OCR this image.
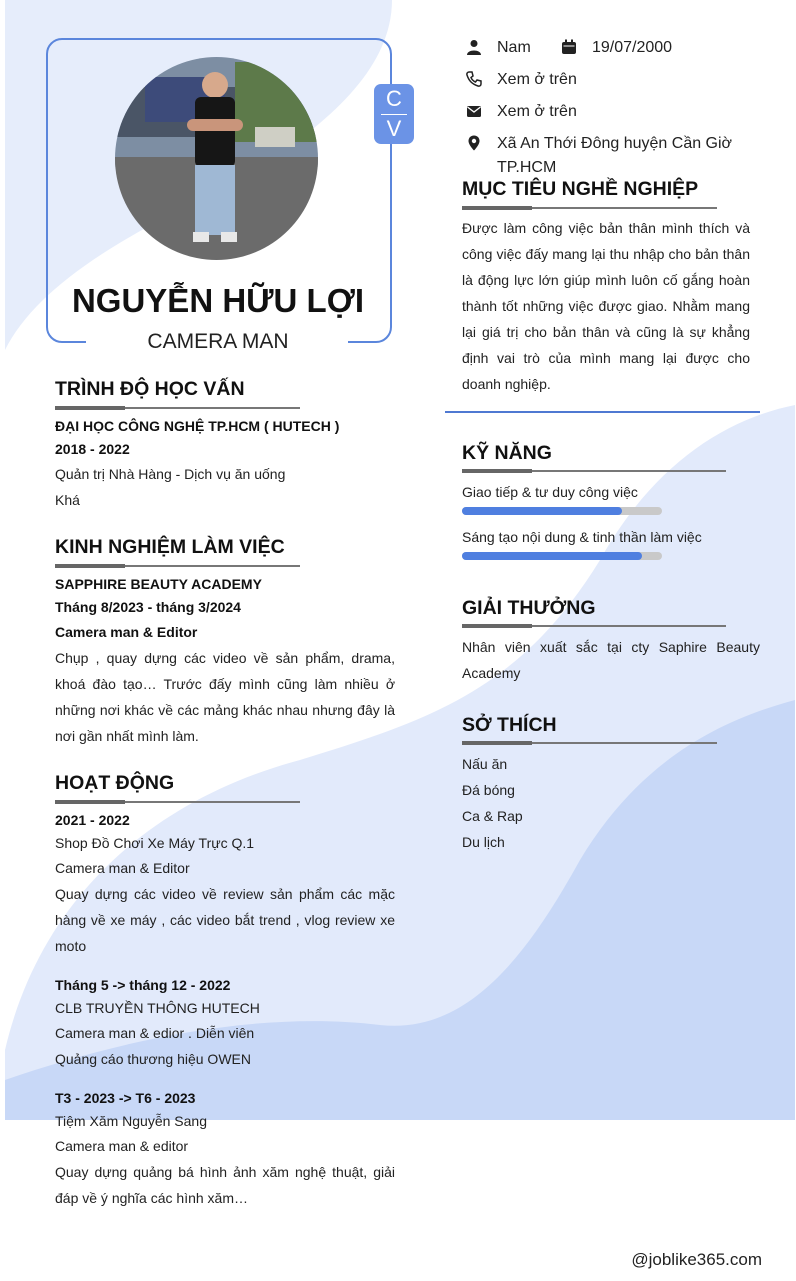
C
V
NGUYỄN HỮU LỢI
CAMERA MAN
Nam	19/07/2000
Xem ở trên
Xem ở trên
Xã An Thới Đông huyện Cần Giờ TP.HCM
MỤC TIÊU NGHỀ NGHIỆP
Được làm công việc bản thân mình thích và công việc đấy mang lại thu nhập cho bản thân là động lực lớn giúp mình luôn cố gắng hoàn thành tốt những việc được giao. Nhằm mang lại giá trị cho bản thân và cũng là sự khẳng định vai trò của mình mang lại được cho doanh nghiệp.
KỸ NĂNG
Giao tiếp & tư duy công việc
Sáng tạo nội dung & tinh thần làm việc
GIẢI THƯỞNG
Nhân viên xuất sắc tại cty Saphire Beauty Academy
SỞ THÍCH
Nấu ăn
Đá bóng
Ca & Rap
Du lịch
TRÌNH ĐỘ HỌC VẤN
ĐẠI HỌC CÔNG NGHỆ TP.HCM ( HUTECH )
2018 - 2022
Quản trị Nhà Hàng - Dịch vụ ăn uống
Khá
KINH NGHIỆM LÀM VIỆC
SAPPHIRE BEAUTY ACADEMY
Tháng 8/2023 - tháng 3/2024
Camera man & Editor
Chụp , quay dựng các video về sản phẩm, drama, khoá đào tạo… Trước đấy mình cũng làm nhiều ở những nơi khác về các mảng khác nhau nhưng đây là nơi gần nhất mình làm.
HOẠT ĐỘNG
2021 - 2022
Shop Đồ Chơi Xe Máy Trực Q.1
Camera man & Editor
Quay dựng các video về review sản phẩm các mặc hàng về xe máy , các video bắt trend , vlog review xe moto
Tháng 5 -> tháng 12 - 2022
CLB TRUYỀN THÔNG HUTECH
Camera man & edior . Diễn viên
Quảng cáo thương hiệu OWEN
T3 - 2023 -> T6 - 2023
Tiệm Xăm Nguyễn Sang
Camera man & editor
Quay dựng quảng bá hình ảnh xăm nghệ thuật, giải đáp về ý nghĩa các hình xăm…
@joblike365.com
